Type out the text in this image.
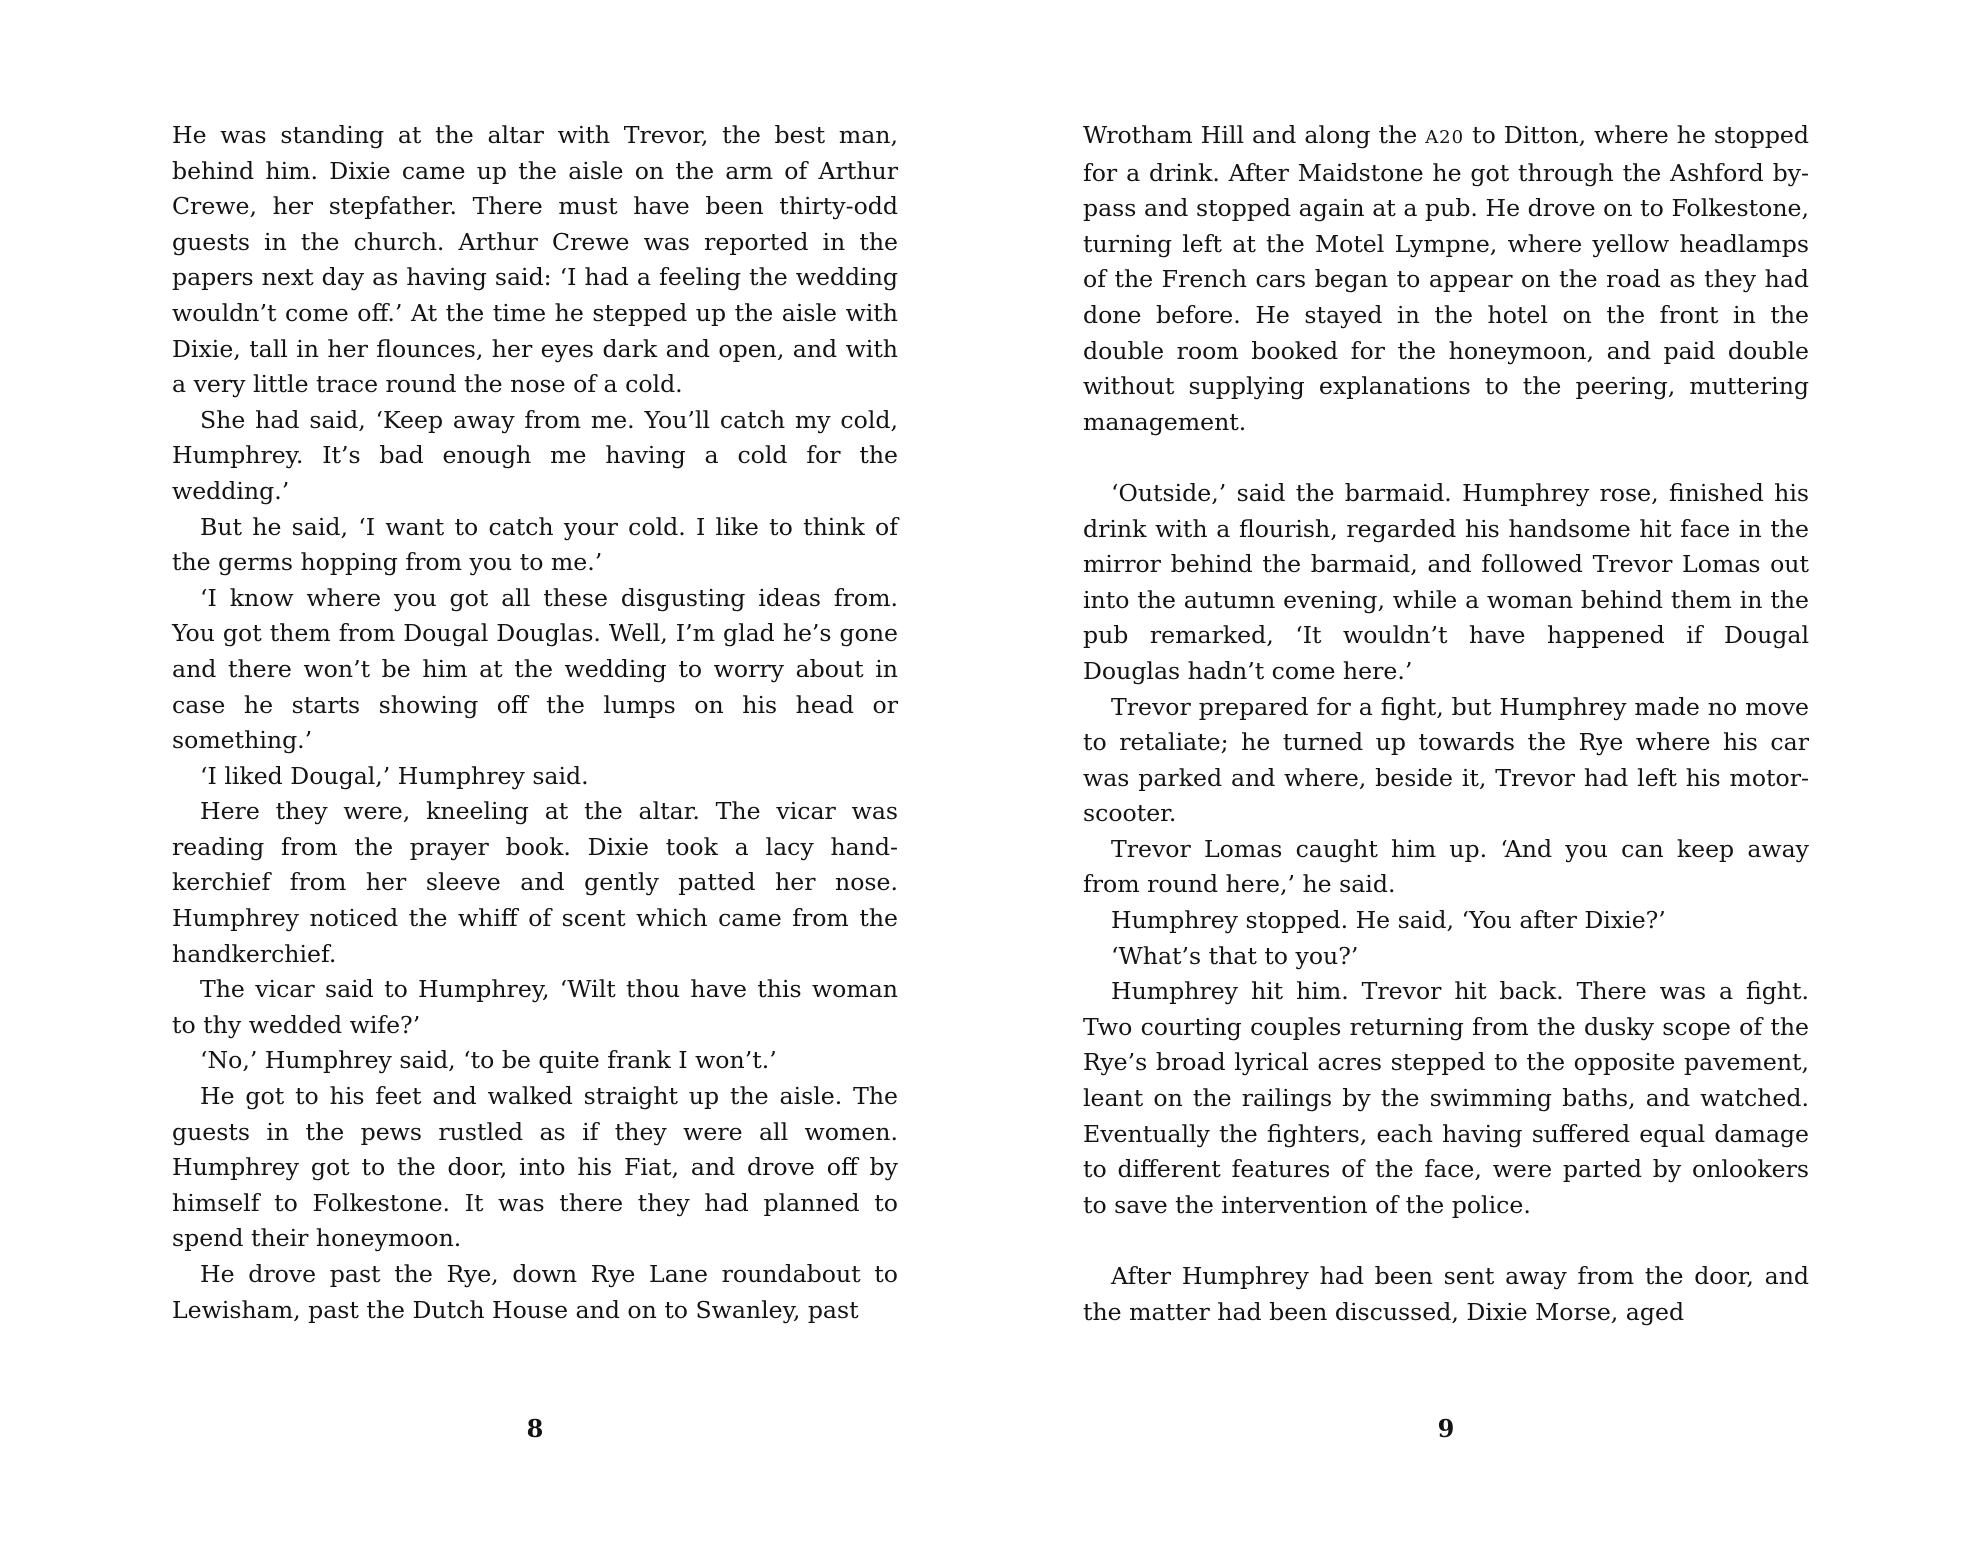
He was standing at the altar with Trevor, the best man, behind him. Dixie came up the aisle on the arm of Arthur Crewe, her stepfather. There must have been thirty-odd guests in the church. Arthur Crewe was reported in the papers next day as having said: ‘I had a feeling the wedding wouldn’t come off.’ At the time he stepped up the aisle with Dixie, tall in her flounces, her eyes dark and open, and with a very little trace round the nose of a cold.

She had said, ‘Keep away from me. You’ll catch my cold, Humphrey. It’s bad enough me having a cold for the wedding.’

But he said, ‘I want to catch your cold. I like to think of the germs hopping from you to me.’

‘I know where you got all these disgusting ideas from. You got them from Dougal Douglas. Well, I’m glad he’s gone and there won’t be him at the wedding to worry about in case he starts showing off the lumps on his head or something.’

‘I liked Dougal,’ Humphrey said.

Here they were, kneeling at the altar. The vicar was reading from the prayer book. Dixie took a lacy handkerchief from her sleeve and gently patted her nose. Humphrey noticed the whiff of scent which came from the handkerchief.

The vicar said to Humphrey, ‘Wilt thou have this woman to thy wedded wife?’

‘No,’ Humphrey said, ‘to be quite frank I won’t.’

He got to his feet and walked straight up the aisle. The guests in the pews rustled as if they were all women. Humphrey got to the door, into his Fiat, and drove off by himself to Folkestone. It was there they had planned to spend their honeymoon.

He drove past the Rye, down Rye Lane roundabout to Lewisham, past the Dutch House and on to Swanley, past

8

Wrotham Hill and along the A20 to Ditton, where he stopped for a drink. After Maidstone he got through the Ashford by-pass and stopped again at a pub. He drove on to Folkestone, turning left at the Motel Lympne, where yellow headlamps of the French cars began to appear on the road as they had done before. He stayed in the hotel on the front in the double room booked for the honeymoon, and paid double without supplying explanations to the peering, muttering management.

‘Outside,’ said the barmaid. Humphrey rose, finished his drink with a flourish, regarded his handsome hit face in the mirror behind the barmaid, and followed Trevor Lomas out into the autumn evening, while a woman behind them in the pub remarked, ‘It wouldn’t have happened if Dougal Douglas hadn’t come here.’

Trevor prepared for a fight, but Humphrey made no move to retaliate; he turned up towards the Rye where his car was parked and where, beside it, Trevor had left his motor-scooter.

Trevor Lomas caught him up. ‘And you can keep away from round here,’ he said.

Humphrey stopped. He said, ‘You after Dixie?’

‘What’s that to you?’

Humphrey hit him. Trevor hit back. There was a fight. Two courting couples returning from the dusky scope of the Rye’s broad lyrical acres stepped to the opposite pavement, leant on the railings by the swimming baths, and watched. Eventually the fighters, each having suffered equal damage to different features of the face, were parted by onlookers to save the intervention of the police.

After Humphrey had been sent away from the door, and the matter had been discussed, Dixie Morse, aged

9
